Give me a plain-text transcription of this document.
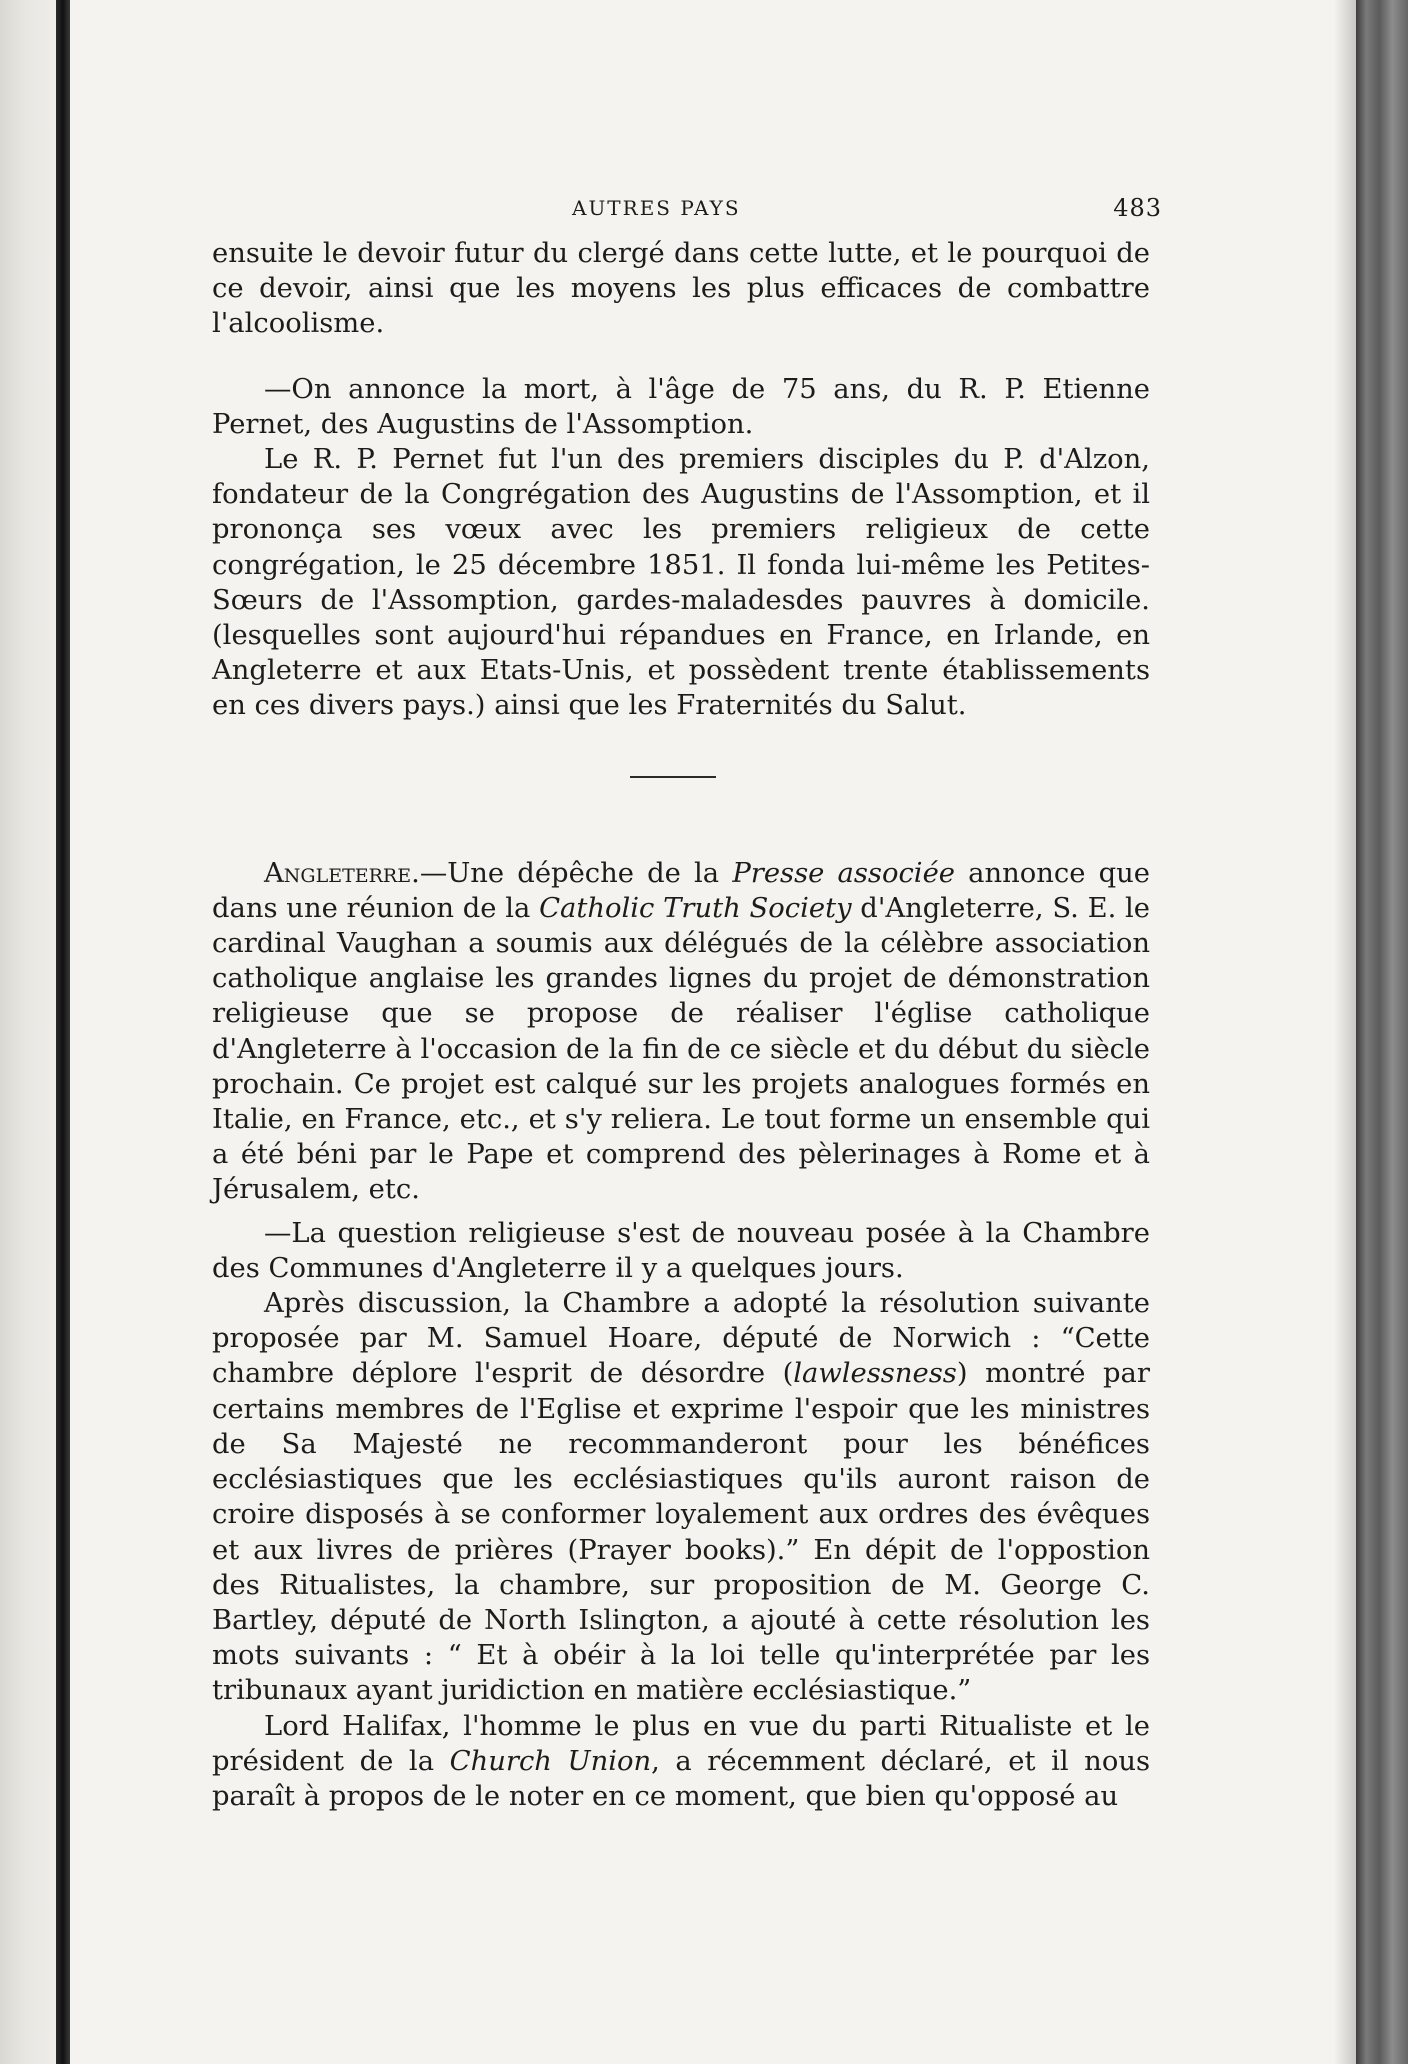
AUTRES PAYS	483

ensuite le devoir futur du clergé dans cette lutte, et le pourquoi de ce devoir, ainsi que les moyens les plus efficaces de combattre l'alcoolisme.

—On annonce la mort, à l'âge de 75 ans, du R. P. Etienne Pernet, des Augustins de l'Assomption.

Le R. P. Pernet fut l'un des premiers disciples du P. d'Alzon, fondateur de la Congrégation des Augustins de l'Assomption, et il prononça ses vœux avec les premiers religieux de cette congrégation, le 25 décembre 1851. Il fonda lui-même les Petites-Sœurs de l'Assomption, gardes-maladesdes pauvres à domicile.(lesquelles sont aujourd'hui répandues en France, en Irlande, en Angleterre et aux Etats-Unis, et possèdent trente établissements en ces divers pays.) ainsi que les Fraternités du Salut.

Angleterre.—Une dépêche de la Presse associée annonce que dans une réunion de la Catholic Truth Society d'Angleterre, S. E. le cardinal Vaughan a soumis aux délégués de la célèbre association catholique anglaise les grandes lignes du projet de démonstration religieuse que se propose de réaliser l'église catholique d'Angleterre à l'occasion de la fin de ce siècle et du début du siècle prochain. Ce projet est calqué sur les projets analogues formés en Italie, en France, etc., et s'y reliera. Le tout forme un ensemble qui a été béni par le Pape et comprend des pèlerinages à Rome et à Jérusalem, etc.

—La question religieuse s'est de nouveau posée à la Chambre des Communes d'Angleterre il y a quelques jours.

Après discussion, la Chambre a adopté la résolution suivante proposée par M. Samuel Hoare, député de Norwich : “Cette chambre déplore l'esprit de désordre (lawlessness) montré par certains membres de l'Eglise et exprime l'espoir que les ministres de Sa Majesté ne recommanderont pour les bénéfices ecclésiastiques que les ecclésiastiques qu'ils auront raison de croire disposés à se conformer loyalement aux ordres des évêques et aux livres de prières (Prayer books).” En dépit de l'oppostion des Ritualistes, la chambre, sur proposition de M. George C. Bartley, député de North Islington, a ajouté à cette résolution les mots suivants : “ Et à obéir à la loi telle qu'interprétée par les tribunaux ayant juridiction en matière ecclésiastique.”

Lord Halifax, l'homme le plus en vue du parti Ritualiste et le président de la Church Union, a récemment déclaré, et il nous paraît à propos de le noter en ce moment, que bien qu'opposé au
